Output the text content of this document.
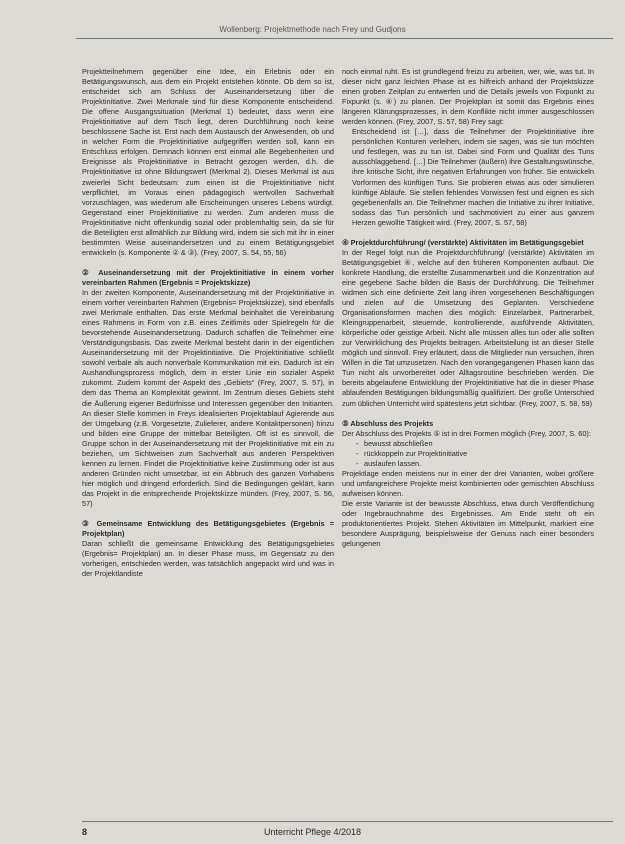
Wollenberg: Projektmethode nach Frey und Gudjons

Projektteilnehmern gegenüber eine Idee, ein Erlebnis oder ein Betätigungswunsch, aus dem ein Projekt entstehen könnte. Ob dem so ist, entscheidet sich am Schluss der Auseinandersetzung über die Projektinitiative. Zwei Merkmale sind für diese Komponente entscheidend. Die offene Ausgangssituation (Merkmal 1) bedeutet, dass wenn eine Projektinitiative auf dem Tisch liegt, deren Durchführung noch keine beschlossene Sache ist. Erst nach dem Austausch der Anwesenden, ob und in welcher Form die Projektinitiative aufgegriffen werden soll, kann ein Entschluss erfolgen. Demnach können erst einmal alle Begebenheiten und Ereignisse als Projektinitiative in Betracht gezogen werden, d.h. die Projektinitiative ist ohne Bildungswert (Merkmal 2). Dieses Merkmal ist aus zweierlei Sicht bedeutsam: zum einen ist die Projektinitiative nicht verpflichtet, im Voraus einen pädagogisch wertvollen Sachverhalt vorzuschlagen, was wiederum alle Erscheinungen unseres Lebens würdigt. Gegenstand einer Projektinitiative zu werden. Zum anderen muss die Projektinitiative nicht offenkundig sozial oder problemhaltig sein, da sie für die Beteiligten erst allmählich zur Bildung wird, indem sie sich mit ihr in einer bestimmten Weise auseinandersetzen und zu einem Betätigungsgebiet entwickeln (s. Komponente ② & ③). (Frey, 2007, S. 54, 55, 56)

② Auseinandersetzung mit der Projektinitiative in einem vorher vereinbarten Rahmen (Ergebnis = Projektskizze)

In der zweiten Komponente, Auseinandersetzung mit der Projektinitiative in einem vorher vereinbarten Rahmen (Ergebnis= Projektskizze), sind ebenfalls zwei Merkmale enthalten. Das erste Merkmal beinhaltet die Vereinbarung eines Rahmens in Form von z.B. eines Zeitlimits oder Spielregeln für die bevorstehende Auseinandersetzung. Dadurch schaffen die Teilnehmer eine Verständigungsbasis. Das zweite Merkmal besteht darin in der eigentlichen Auseinandersetzung mit der Projektinitiative. Die Projektinitiative schließt sowohl verbale als auch nonverbale Kommunikation mit ein. Dadurch ist ein Aushandlungsprozess möglich, dem in erster Linie ein sozialer Aspekt zukommt. Zudem kommt der Aspekt des „Gebiets“ (Frey, 2007, S. 57), in dem das Thema an Komplexität gewinnt. Im Zentrum dieses Gebiets steht die Äußerung eigener Bedürfnisse und Interessen gegenüber den Initianten. An dieser Stelle kommen in Freys idealisierten Projektablauf Agierende aus der Umgebung (z.B. Vorgesetzte, Zulieferer, andere Kontaktpersonen) hinzu und bilden eine Gruppe der mittelbar Beteiligten. Oft ist es sinnvoll, die Gruppe schon in der Auseinandersetzung mit der Projektinitiative mit ein zu beziehen, um Sichtweisen zum Sachverhalt aus anderen Perspektiven kennen zu lernen. Findet die Projektinitiative keine Zustimmung oder ist aus anderen Gründen nicht umsetzbar, ist ein Abbruch des ganzen Vorhabens hier möglich und dringend erforderlich. Sind die Bedingungen geklärt, kann das Projekt in die entsprechende Projektskizze münden. (Frey, 2007, S. 56, 57)

③ Gemeinsame Entwicklung des Betätigungsgebietes (Ergebnis = Projektplan)

Daran schließt die gemeinsame Entwicklung des Betätigungsgebietes (Ergebnis= Projektplan) an. In dieser Phase muss, im Gegensatz zu den vorherigen, entschieden werden, was tatsächlich angepackt wird und was in der Projektlandiste

noch einmal ruht. Es ist grundlegend freizu zu arbeiten, wer, wie, was tut. In dieser nicht ganz leichten Phase ist es hilfreich anhand der Projektskizze einen groben Zeitplan zu entwerfen und die Details jeweils von Fixpunkt zu Fixpunkt (s. ④) zu planen. Der Projektplan ist somit das Ergebnis eines längeren Klärungsprozesses, in dem Konflikte nicht immer ausgeschlossen werden können. (Frey, 2007, S. 57, 58) Frey sagt:

Entscheidend ist […], dass die Teilnehmer der Projektinitiative ihre persönlichen Konturen verleihen, indem sie sagen, was sie tun möchten und festlegen, was zu tun ist. Dabei sind Form und Qualität des Tuns ausschlaggebend. […] Die Teilnehmer (äußern) ihre Gestaltungswünsche, ihre kritische Sicht, ihre negativen Erfahrungen von früher. Sie entwickeln Vorformen des künftigen Tuns. Sie probieren etwas aus oder simulieren künftige Abläufe. Sie stellen fehlendes Vorwissen fest und eignen es sich gegebenenfalls an. Die Teilnehmer machen die Initiative zu ihrer Initiative, sodass das Tun persönlich und sachmotiviert zu einer aus ganzem Herzen gewollte Tätigkeit wird. (Frey, 2007, S. 57, 58)

④ Projektdurchführung/ (verstärkte) Aktivitäten im Betätigungsgebiet

In der Regel folgt nun die Projektdurchführung/ (verstärkte) Aktivitäten im Betätigungsgebiet ④, welche auf den früheren Komponenten aufbaut. Die konkrete Handlung, die erstellte Zusammenarbeit und die Konzentration auf eine gegebene Sache bilden die Basis der Durchführung. Die Teilnehmer widmen sich eine definierte Zeit lang ihren vorgesehenen Beschäftigungen und zielen auf die Umsetzung des Geplanten. Verschiedene Organisationsformen machen dies möglich: Einzelarbeit, Partnerarbeit, Kleingruppenarbeit, steuernde, kontrollierende, ausführende Aktivitäten, körperliche oder geistige Arbeit. Nicht alle müssen alles tun oder alle sollten zur Verwirklichung des Projekts beitragen. Arbeitsteilung ist an dieser Stelle möglich und sinnvoll. Frey erläutert, dass die Mitglieder nun versuchen, ihren Willen in die Tat umzusetzen. Nach den vorangegangenen Phasen kann das Tun nicht als unvorbereitet oder Alltagsroutine beschrieben werden. Die bereits abgelaufene Entwicklung der Projektinitiative hat die in dieser Phase ablaufenden Betätigungen bildungsmäßig qualifiziert. Der große Unterschied zum üblichen Unterricht wird spätestens jetzt sichtbar. (Frey, 2007, S. 58, 59)

⑤ Abschluss des Projekts

Der Abschluss des Projekts ⑤ ist in drei Formen möglich (Frey, 2007, S. 60):

- bewusst abschließen
- rückkoppeln zur Projektinitiative
- auslaufen lassen.

Projektlage enden meistens nur in einer der drei Varianten, wobei größere und umfangreichere Projekte meist kombinierten oder gemischten Abschluss aufweisen können.

Die erste Variante ist der bewusste Abschluss, etwa durch Veröffentlichung oder Ingebrauchnahme des Ergebnisses. Am Ende steht oft ein produktorientiertes Projekt. Stehen Aktivitäten im Mittelpunkt, markiert eine besondere Ausprägung, beispielsweise der Genuss nach einer besonders gelungenen

8	Unterricht Pflege 4/2018
